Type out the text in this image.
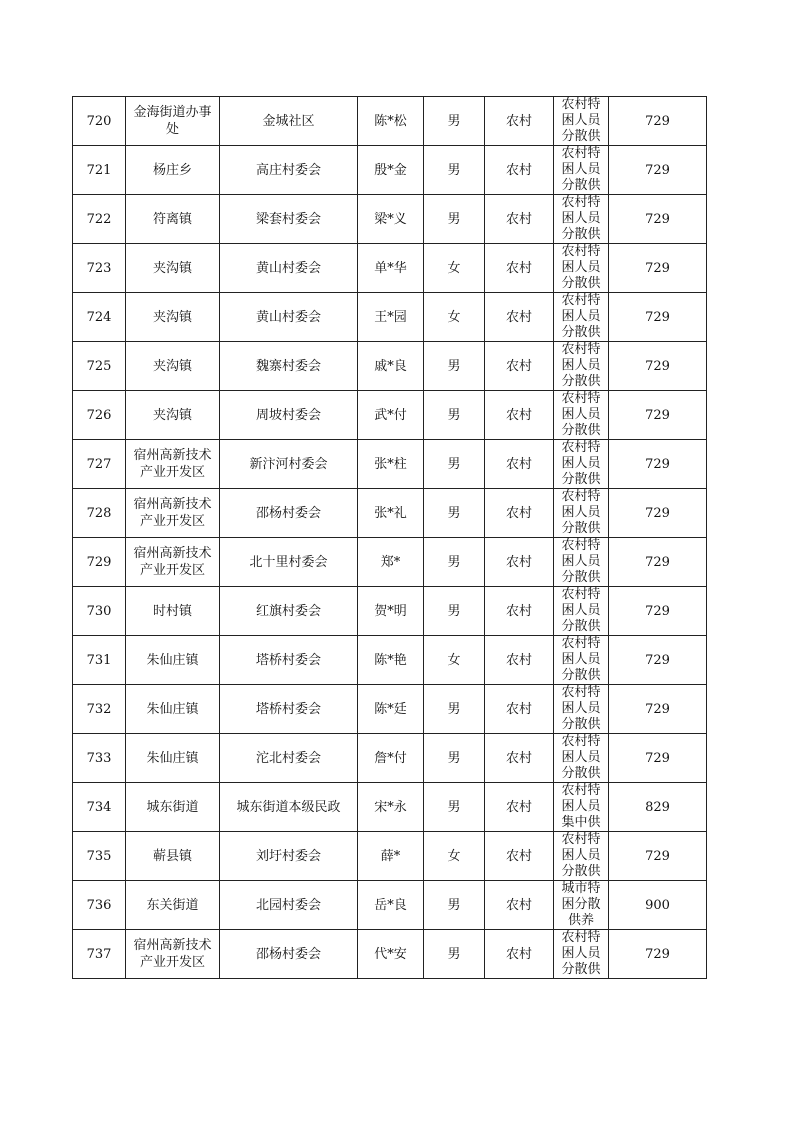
720	金海街道办事处	金城社区	陈*松	男	农村	农村特困人员分散供	729
721	杨庄乡	高庄村委会	殷*金	男	农村	农村特困人员分散供	729
722	符离镇	梁套村委会	梁*义	男	农村	农村特困人员分散供	729
723	夹沟镇	黄山村委会	单*华	女	农村	农村特困人员分散供	729
724	夹沟镇	黄山村委会	王*园	女	农村	农村特困人员分散供	729
725	夹沟镇	魏寨村委会	戚*良	男	农村	农村特困人员分散供	729
726	夹沟镇	周坡村委会	武*付	男	农村	农村特困人员分散供	729
727	宿州高新技术产业开发区	新汴河村委会	张*柱	男	农村	农村特困人员分散供	729
728	宿州高新技术产业开发区	邵杨村委会	张*礼	男	农村	农村特困人员分散供	729
729	宿州高新技术产业开发区	北十里村委会	郑*	男	农村	农村特困人员分散供	729
730	时村镇	红旗村委会	贺*明	男	农村	农村特困人员分散供	729
731	朱仙庄镇	塔桥村委会	陈*艳	女	农村	农村特困人员分散供	729
732	朱仙庄镇	塔桥村委会	陈*廷	男	农村	农村特困人员分散供	729
733	朱仙庄镇	沱北村委会	詹*付	男	农村	农村特困人员分散供	729
734	城东街道	城东街道本级民政	宋*永	男	农村	农村特困人员集中供	829
735	蕲县镇	刘圩村委会	薛*	女	农村	农村特困人员分散供	729
736	东关街道	北园村委会	岳*良	男	农村	城市特困分散供养	900
737	宿州高新技术产业开发区	邵杨村委会	代*安	男	农村	农村特困人员分散供	729
